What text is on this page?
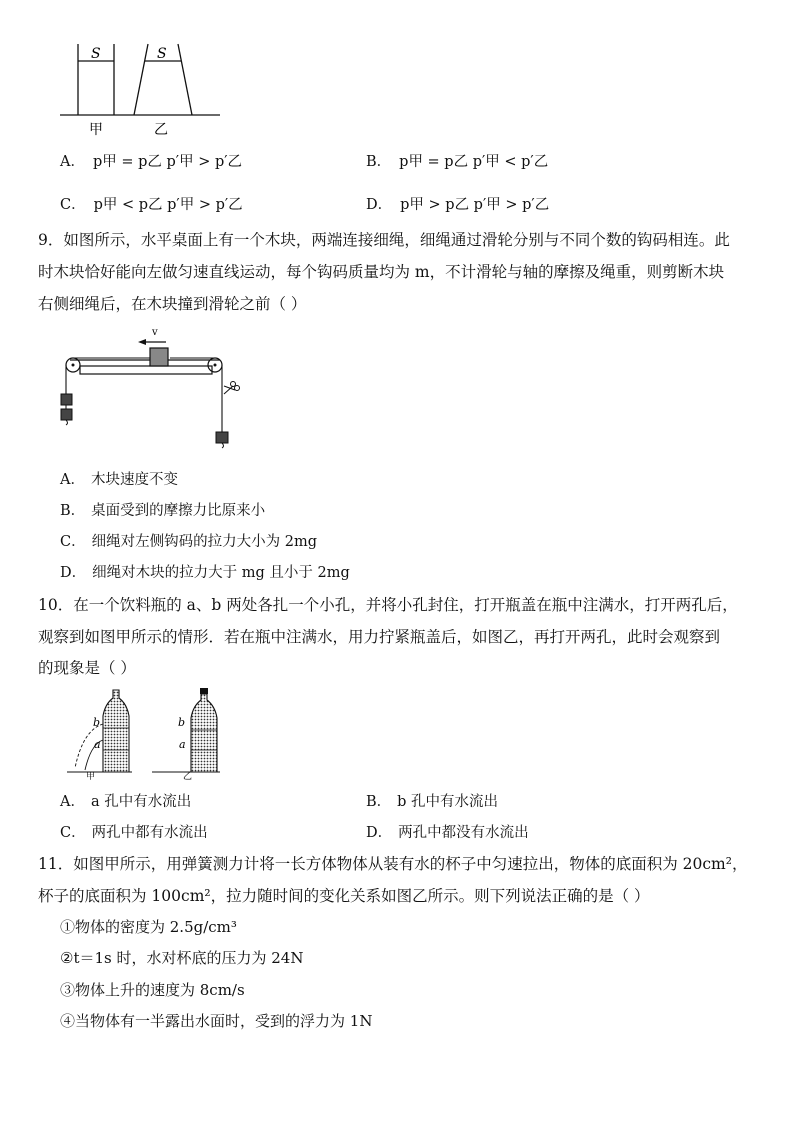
S	S
甲	乙
A． p甲 = p乙 p′甲 > p′乙	B． p甲 = p乙 p′甲 < p′乙
C． p甲 < p乙 p′甲 > p′乙	D． p甲 > p乙 p′甲 > p′乙
9．如图所示，水平桌面上有一个木块，两端连接细绳，细绳通过滑轮分别与不同个数的钩码相连。此
时木块恰好能向左做匀速直线运动，每个钩码质量均为 m，不计滑轮与轴的摩擦及绳重，则剪断木块
右侧细绳后，在木块撞到滑轮之前（ ）
v
A． 木块速度不变
B． 桌面受到的摩擦力比原来小
C． 细绳对左侧钩码的拉力大小为 2mg
D． 细绳对木块的拉力大于 mg 且小于 2mg
10．在一个饮料瓶的 a、b 两处各扎一个小孔，并将小孔封住，打开瓶盖在瓶中注满水，打开两孔后，
观察到如图甲所示的情形．若在瓶中注满水，用力拧紧瓶盖后，如图乙，再打开两孔，此时会观察到
的现象是（ ）
b
a
甲
b
a
乙
A． a 孔中有水流出	B． b 孔中有水流出
C． 两孔中都有水流出	D． 两孔中都没有水流出
11．如图甲所示，用弹簧测力计将一长方体物体从装有水的杯子中匀速拉出，物体的底面积为 20cm²，
杯子的底面积为 100cm²，拉力随时间的变化关系如图乙所示。则下列说法正确的是（ ）
①物体的密度为 2.5g/cm³
②t＝1s 时，水对杯底的压力为 24N
③物体上升的速度为 8cm/s
④当物体有一半露出水面时，受到的浮力为 1N
